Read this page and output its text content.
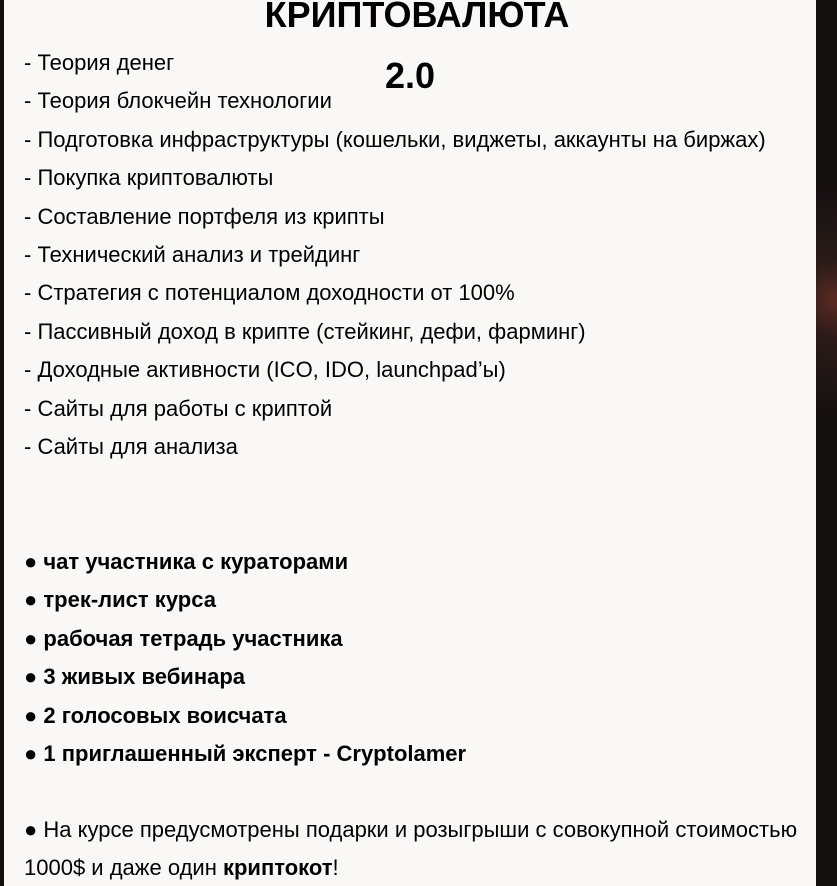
КРИПТОВАЛЮТА
2.0
- Теория денег
- Теория блокчейн технологии
- Подготовка инфраструктуры (кошельки, виджеты, аккаунты на биржах)
- Покупка криптовалюты
- Составление портфеля из крипты
- Технический анализ и трейдинг
- Стратегия с потенциалом доходности от 100%
- Пассивный доход в крипте (стейкинг, дефи, фарминг)
- Доходные активности (ICO, IDO, launchpad’ы)
- Сайты для работы с криптой
- Сайты для анализа
● чат участника с кураторами
● трек-лист курса
● рабочая тетрадь участника
● 3 живых вебинара
● 2 голосовых воисчата
● 1 приглашенный эксперт - Cryptolamer

● На курсе предусмотрены подарки и розыгрыши с совокупной стоимостью 1000$ и даже один криптокот!
